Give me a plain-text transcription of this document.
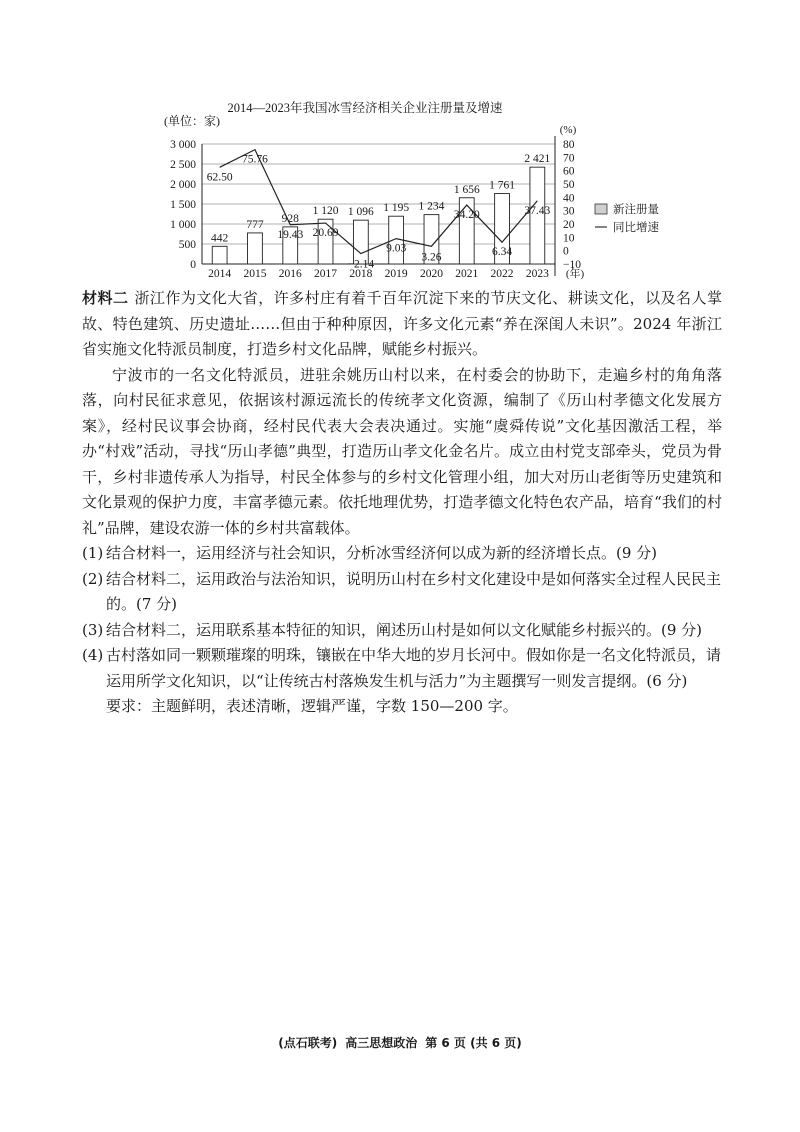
2014—2023年我国冰雪经济相关企业注册量及增速
(单位：家)
(%)
(年)
442
777
928
1 120 1 096 1 195 1 234
1 656 1 761
2 421
62.50
75.76
19.43 20.69
−2.14
9.03
3.26
34.20
6.34
37.43
0
500
1 000
1 500
2 000
2 500
3 000
−10
0
10
20
30
40
50
60
70
80
2014 2015 2016 2017 2018 2019 2020 2021 2022 2023
新注册量
同比增速

材料二 浙江作为文化大省，许多村庄有着千百年沉淀下来的节庆文化、耕读文化，以及名人掌故、特色建筑、历史遗址……但由于种种原因，许多文化元素“养在深闺人未识”。2024 年浙江省实施文化特派员制度，打造乡村文化品牌，赋能乡村振兴。

宁波市的一名文化特派员，进驻余姚历山村以来，在村委会的协助下，走遍乡村的角角落落，向村民征求意见，依据该村源远流长的传统孝文化资源，编制了《历山村孝德文化发展方案》，经村民议事会协商，经村民代表大会表决通过。实施“虞舜传说”文化基因激活工程，举办“村戏”活动，寻找“历山孝德”典型，打造历山孝文化金名片。成立由村党支部牵头，党员为骨干，乡村非遗传承人为指导，村民全体参与的乡村文化管理小组，加大对历山老街等历史建筑和文化景观的保护力度，丰富孝德元素。依托地理优势，打造孝德文化特色农产品，培育“我们的村礼”品牌，建设农游一体的乡村共富载体。

(1) 结合材料一，运用经济与社会知识，分析冰雪经济何以成为新的经济增长点。(9 分)

(2) 结合材料二，运用政治与法治知识，说明历山村在乡村文化建设中是如何落实全过程人民民主的。(7 分)

(3) 结合材料二，运用联系基本特征的知识，阐述历山村是如何以文化赋能乡村振兴的。(9 分)

(4) 古村落如同一颗颗璀璨的明珠，镶嵌在中华大地的岁月长河中。假如你是一名文化特派员，请运用所学文化知识，以“让传统古村落焕发生机与活力”为主题撰写一则发言提纲。(6 分)

要求：主题鲜明，表述清晰，逻辑严谨，字数 150—200 字。

(点石联考) 高三思想政治 第 6 页 (共 6 页)
